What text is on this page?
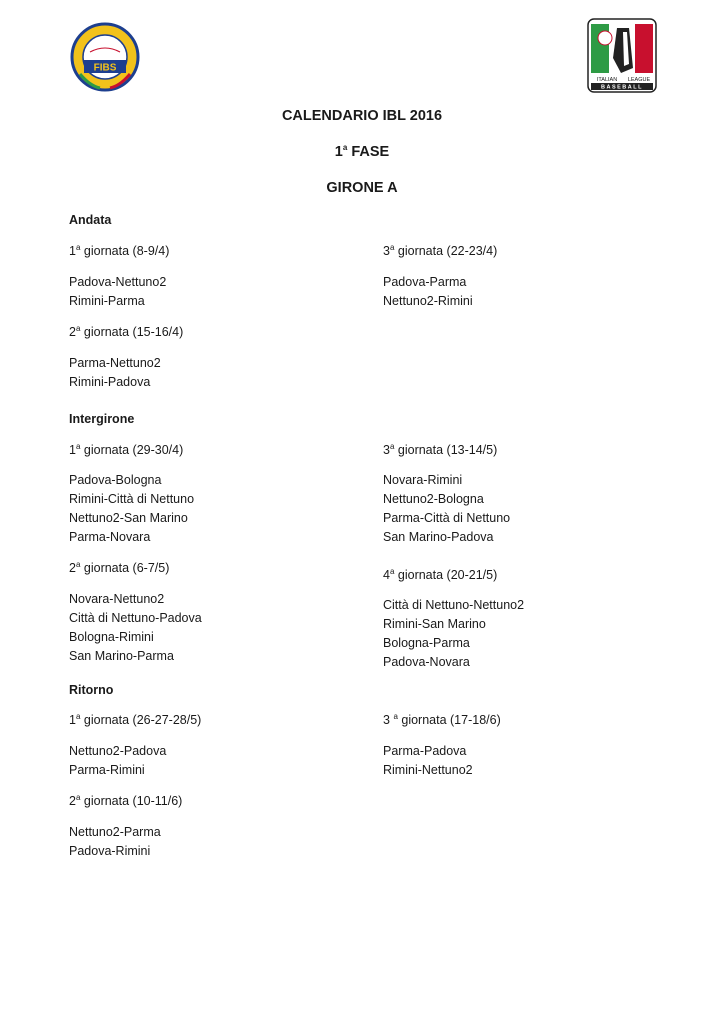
FIBS
ITALIAN LEAGUE
BASEBALL
CALENDARIO IBL 2016
1$^a$ FASE
GIRONE A
Andata
1$^a$ giornata (8-9/4)
Padova-Nettuno2
Rimini-Parma
2$^a$ giornata (15-16/4)
Parma-Nettuno2
Rimini-Padova
3$^a$ giornata (22-23/4)
Padova-Parma
Nettuno2-Rimini
Intergirone
1$^a$ giornata (29-30/4)
Padova-Bologna
Rimini-Città di Nettuno
Nettuno2-San Marino
Parma-Novara
2$^a$ giornata (6-7/5)
Novara-Nettuno2
Città di Nettuno-Padova
Bologna-Rimini
San Marino-Parma
3$^a$ giornata (13-14/5)
Novara-Rimini
Nettuno2-Bologna
Parma-Città di Nettuno
San Marino-Padova
4$^a$ giornata (20-21/5)
Città di Nettuno-Nettuno2
Rimini-San Marino
Bologna-Parma
Padova-Novara
Ritorno
1$^a$ giornata (26-27-28/5)
Nettuno2-Padova
Parma-Rimini
2$^a$ giornata (10-11/6)
Nettuno2-Parma
Padova-Rimini
3 $^a$ giornata (17-18/6)
Parma-Padova
Rimini-Nettuno2
